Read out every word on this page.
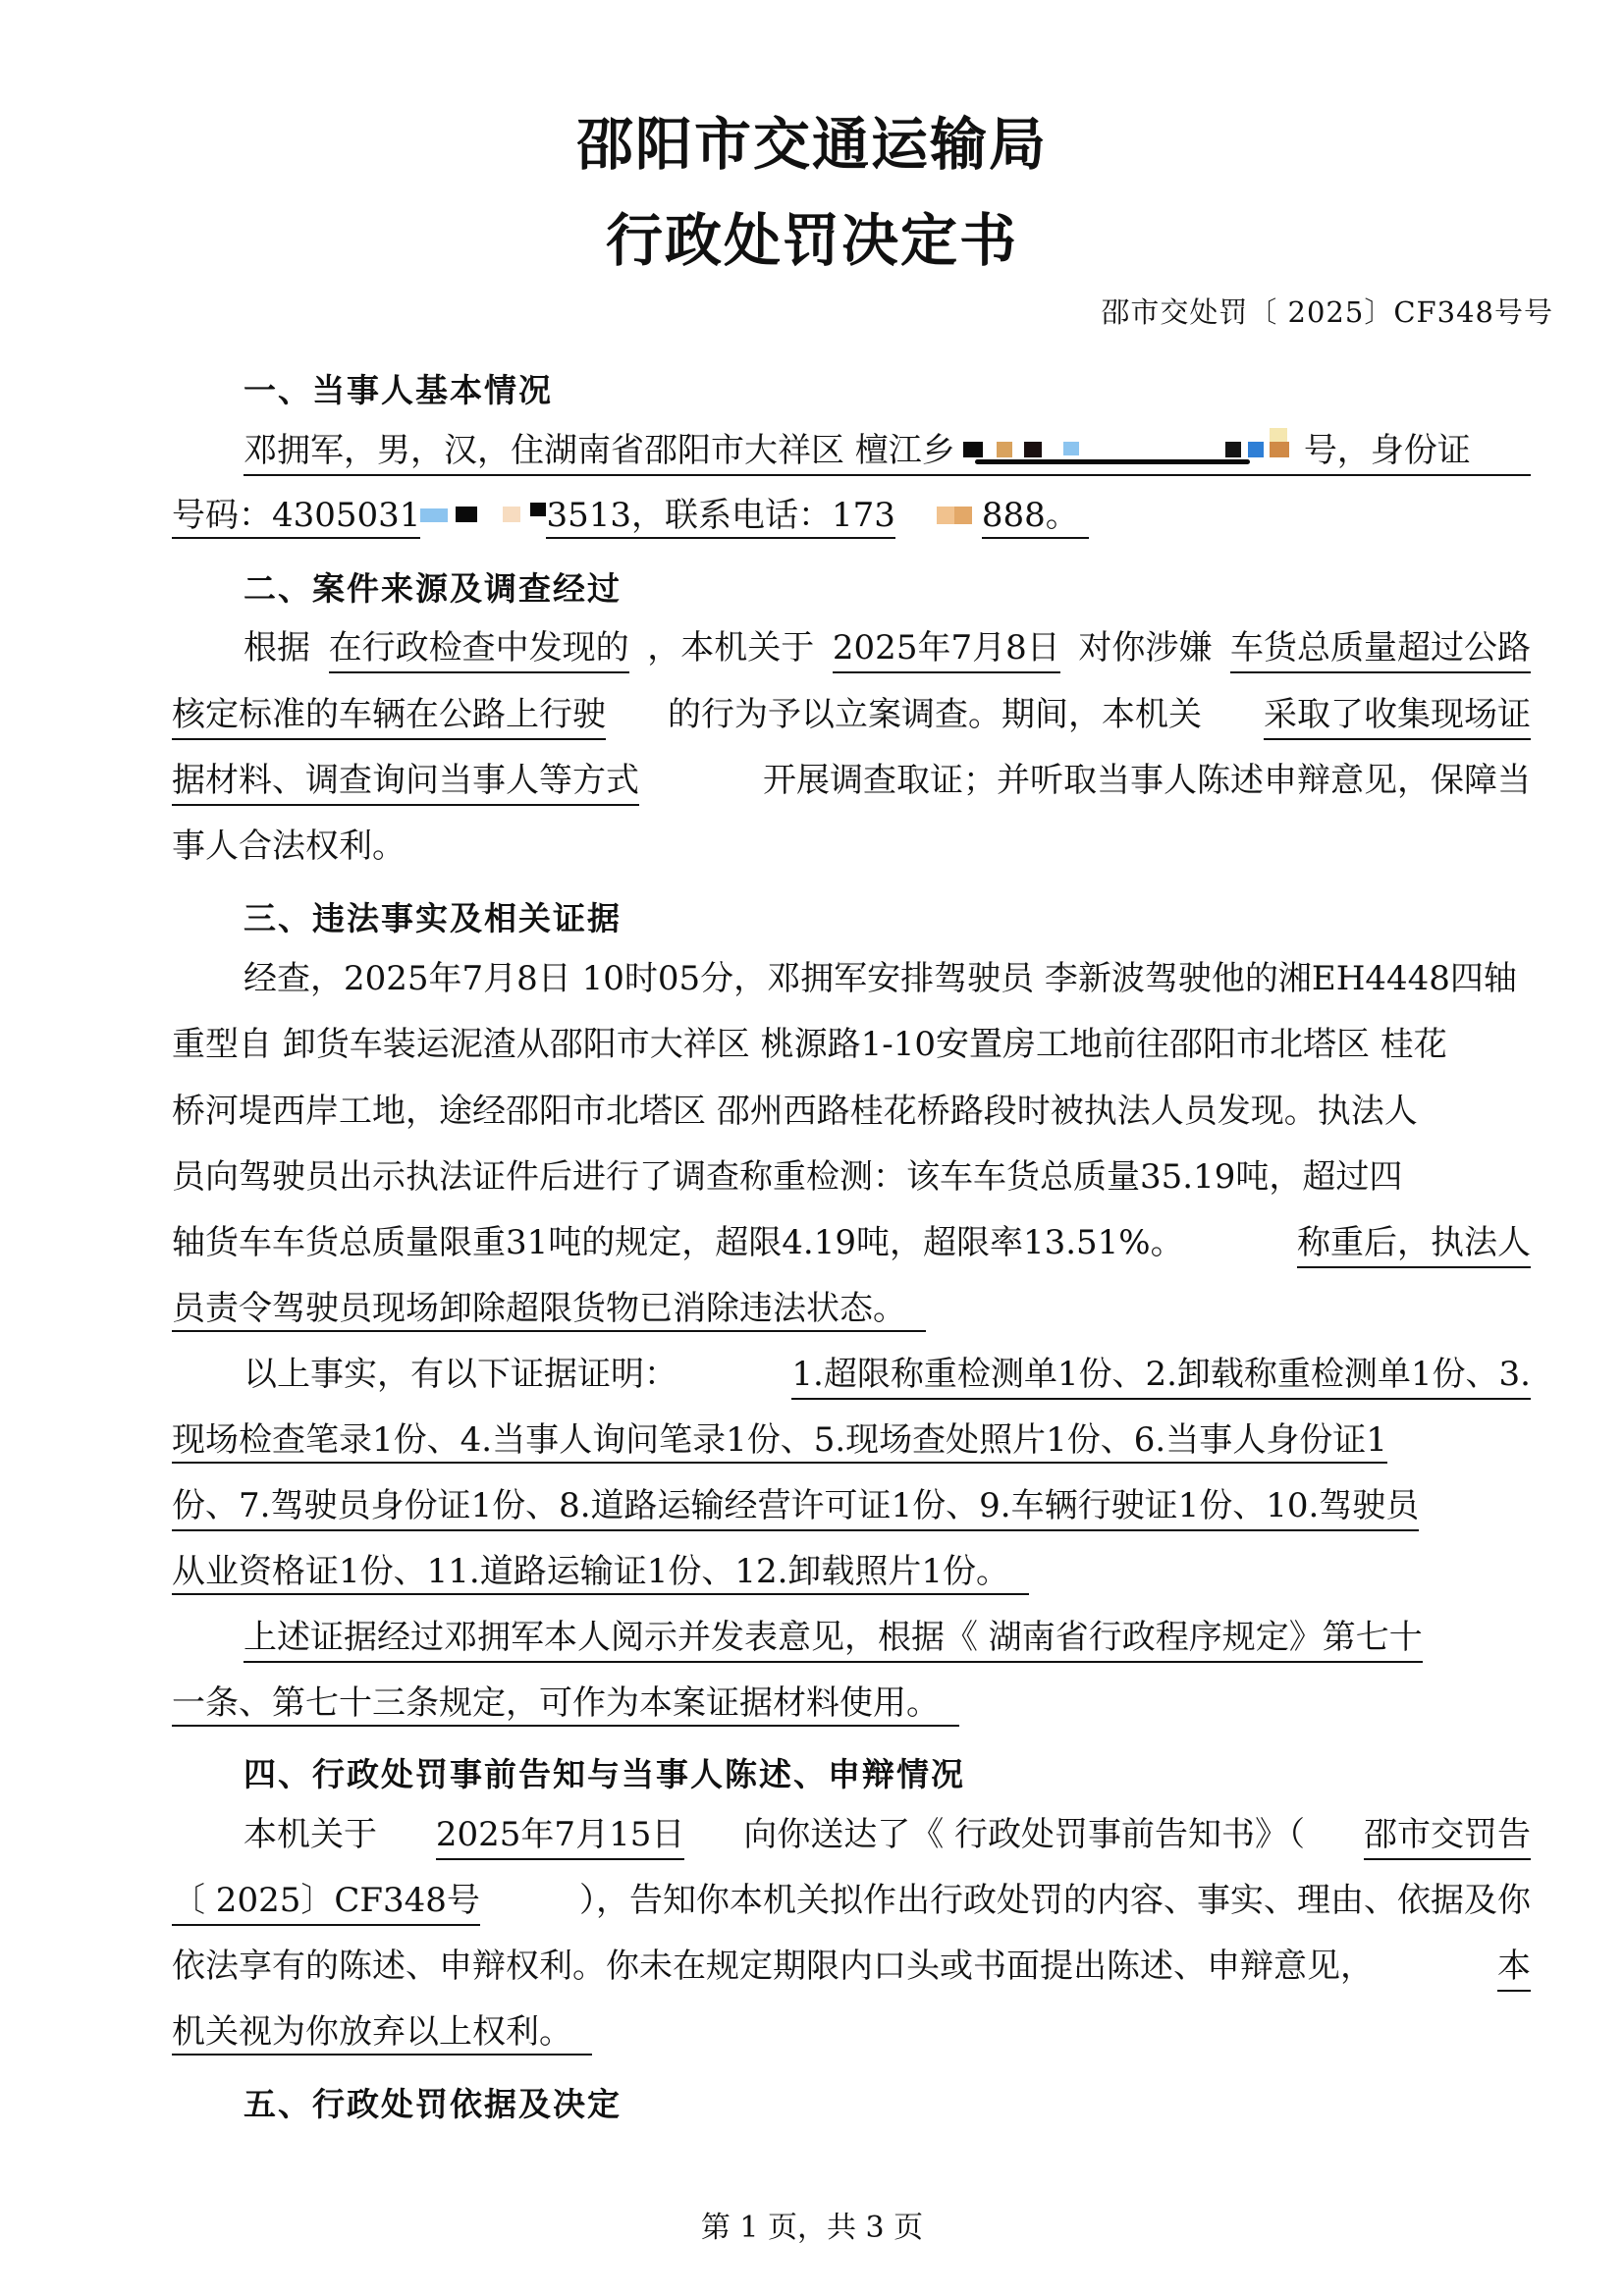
邵阳市交通运输局
行政处罚决定书
邵市交处罚〔 2025〕CF348号号
一、当事人基本情况
邓拥军，男，汉，住湖南省邵阳市大祥区 檀江乡	号，身份证
号码：4305031	3513，联系电话：173	888。
二、案件来源及调查经过
根据 在行政检查中发现的 ，本机关于 2025年7月8日 对你涉嫌 车货总质量超过公路
核定标准的车辆在公路上行驶 的行为予以立案调查。期间，本机关 采取了收集现场证
据材料、调查询问当事人等方式	开展调查取证；并听取当事人陈述申辩意见，保障当
事人合法权利。
三、违法事实及相关证据
经查，2025年7月8日 10时05分，邓拥军安排驾驶员 李新波驾驶他的湘EH4448四轴
重型自 卸货车装运泥渣从邵阳市大祥区 桃源路1-10安置房工地前往邵阳市北塔区 桂花
桥河堤西岸工地，途经邵阳市北塔区 邵州西路桂花桥路段时被执法人员发现。执法人
员向驾驶员出示执法证件后进行了调查称重检测：该车车货总质量35.19吨，超过四
轴货车车货总质量限重31吨的规定，超限4.19吨，超限率13.51%。	称重后，执法人
员责令驾驶员现场卸除超限货物已消除违法状态。
以上事实，有以下证据证明：	1.超限称重检测单1份、2.卸载称重检测单1份、3.
现场检查笔录1份、4.当事人询问笔录1份、5.现场查处照片1份、6.当事人身份证1
份、7.驾驶员身份证1份、8.道路运输经营许可证1份、9.车辆行驶证1份、10.驾驶员
从业资格证1份、11.道路运输证1份、12.卸载照片1份。
上述证据经过邓拥军本人阅示并发表意见，根据《 湖南省行政程序规定》第七十
一条、第七十三条规定，可作为本案证据材料使用。
四、行政处罚事前告知与当事人陈述、申辩情况
本机关于 2025年7月15日 向你送达了《 行政处罚事前告知书》（ 邵市交罚告
〔 2025〕CF348号	），告知你本机关拟作出行政处罚的内容、事实、理由、依据及你
依法享有的陈述、申辩权利。你未在规定期限内口头或书面提出陈述、申辩意见，	本
机关视为你放弃以上权利。
五、行政处罚依据及决定
第 1 页，共 3 页
